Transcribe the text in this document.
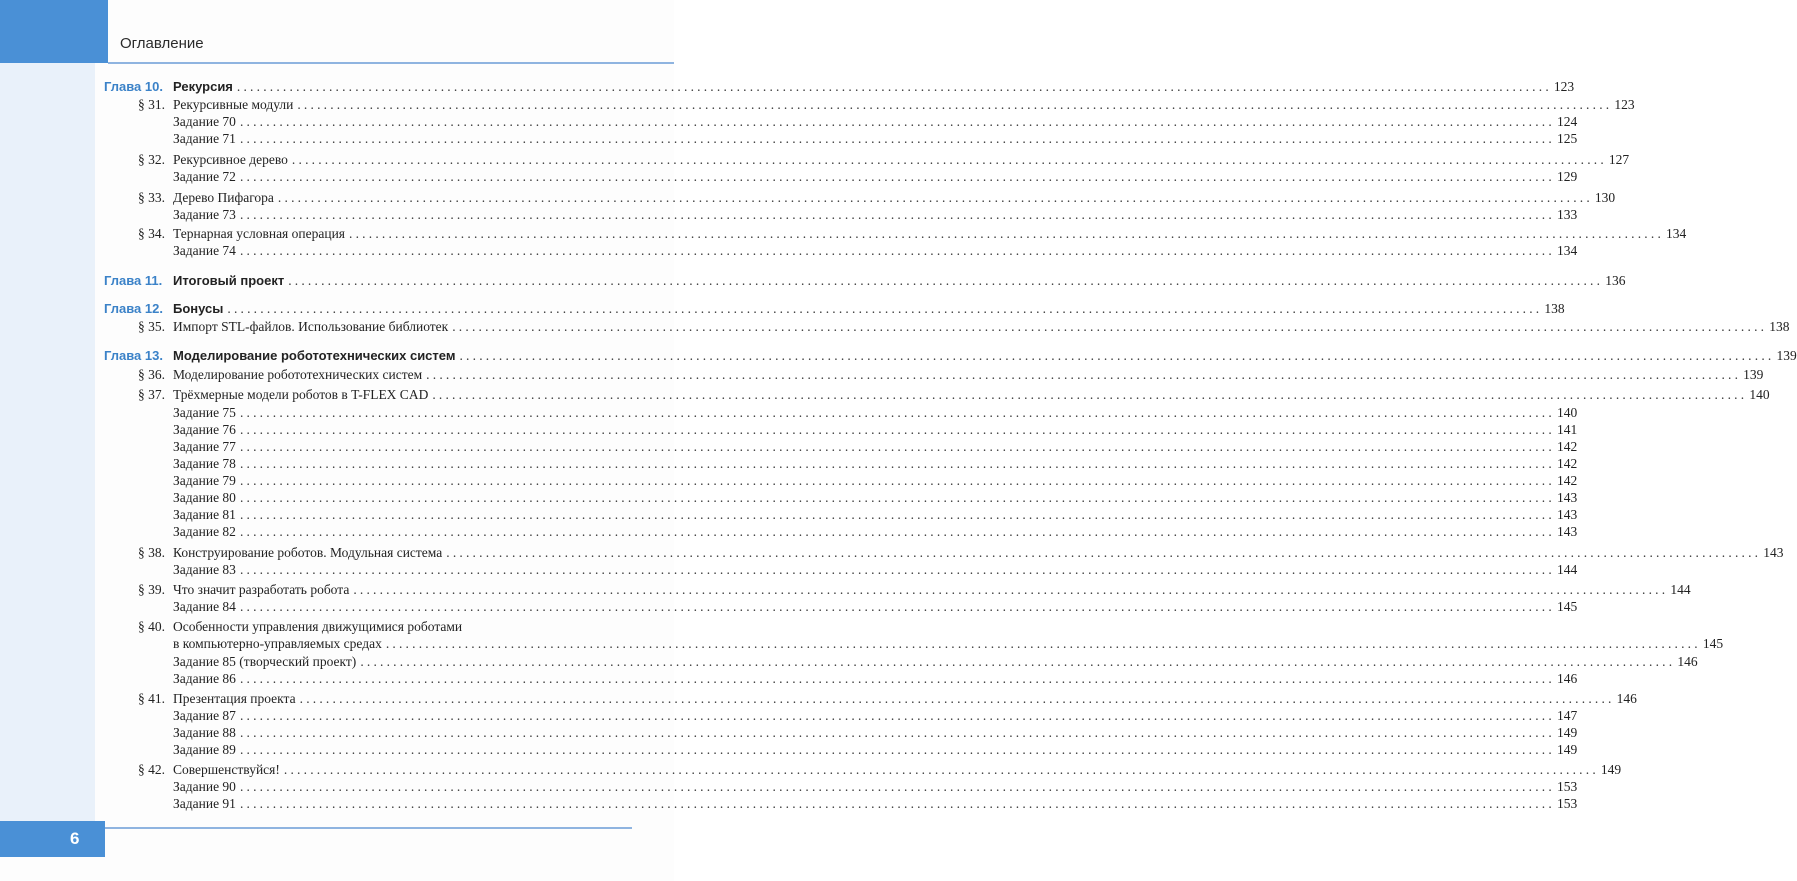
Оглавление
6
Глава 10. Рекурсия ........................................................................................................................................................................................................ 123
§ 31. Рекурсивные модули ........................................................................................................................................................................................................ 123
Задание 70 ........................................................................................................................................................................................................ 124
Задание 71 ........................................................................................................................................................................................................ 125
§ 32. Рекурсивное дерево ........................................................................................................................................................................................................ 127
Задание 72 ........................................................................................................................................................................................................ 129
§ 33. Дерево Пифагора ........................................................................................................................................................................................................ 130
Задание 73 ........................................................................................................................................................................................................ 133
§ 34. Тернарная условная операция ........................................................................................................................................................................................................ 134
Задание 74 ........................................................................................................................................................................................................ 134
Глава 11. Итоговый проект ........................................................................................................................................................................................................ 136
Глава 12. Бонусы ........................................................................................................................................................................................................ 138
§ 35. Импорт STL-файлов. Использование библиотек ........................................................................................................................................................................................................ 138
Глава 13. Моделирование робототехнических систем ........................................................................................................................................................................................................ 139
§ 36. Моделирование робототехнических систем ........................................................................................................................................................................................................ 139
§ 37. Трёхмерные модели роботов в T-FLEX CAD ........................................................................................................................................................................................................ 140
Задание 75 ........................................................................................................................................................................................................ 140
Задание 76 ........................................................................................................................................................................................................ 141
Задание 77 ........................................................................................................................................................................................................ 142
Задание 78 ........................................................................................................................................................................................................ 142
Задание 79 ........................................................................................................................................................................................................ 142
Задание 80 ........................................................................................................................................................................................................ 143
Задание 81 ........................................................................................................................................................................................................ 143
Задание 82 ........................................................................................................................................................................................................ 143
§ 38. Конструирование роботов. Модульная система ........................................................................................................................................................................................................ 143
Задание 83 ........................................................................................................................................................................................................ 144
§ 39. Что значит разработать робота ........................................................................................................................................................................................................ 144
Задание 84 ........................................................................................................................................................................................................ 145
§ 40. Особенности управления движущимися роботами
в компьютерно-управляемых средах ........................................................................................................................................................................................................ 145
Задание 85 (творческий проект) ........................................................................................................................................................................................................ 146
Задание 86 ........................................................................................................................................................................................................ 146
§ 41. Презентация проекта ........................................................................................................................................................................................................ 146
Задание 87 ........................................................................................................................................................................................................ 147
Задание 88 ........................................................................................................................................................................................................ 149
Задание 89 ........................................................................................................................................................................................................ 149
§ 42. Совершенствуйся! ........................................................................................................................................................................................................ 149
Задание 90 ........................................................................................................................................................................................................ 153
Задание 91 ........................................................................................................................................................................................................ 153
